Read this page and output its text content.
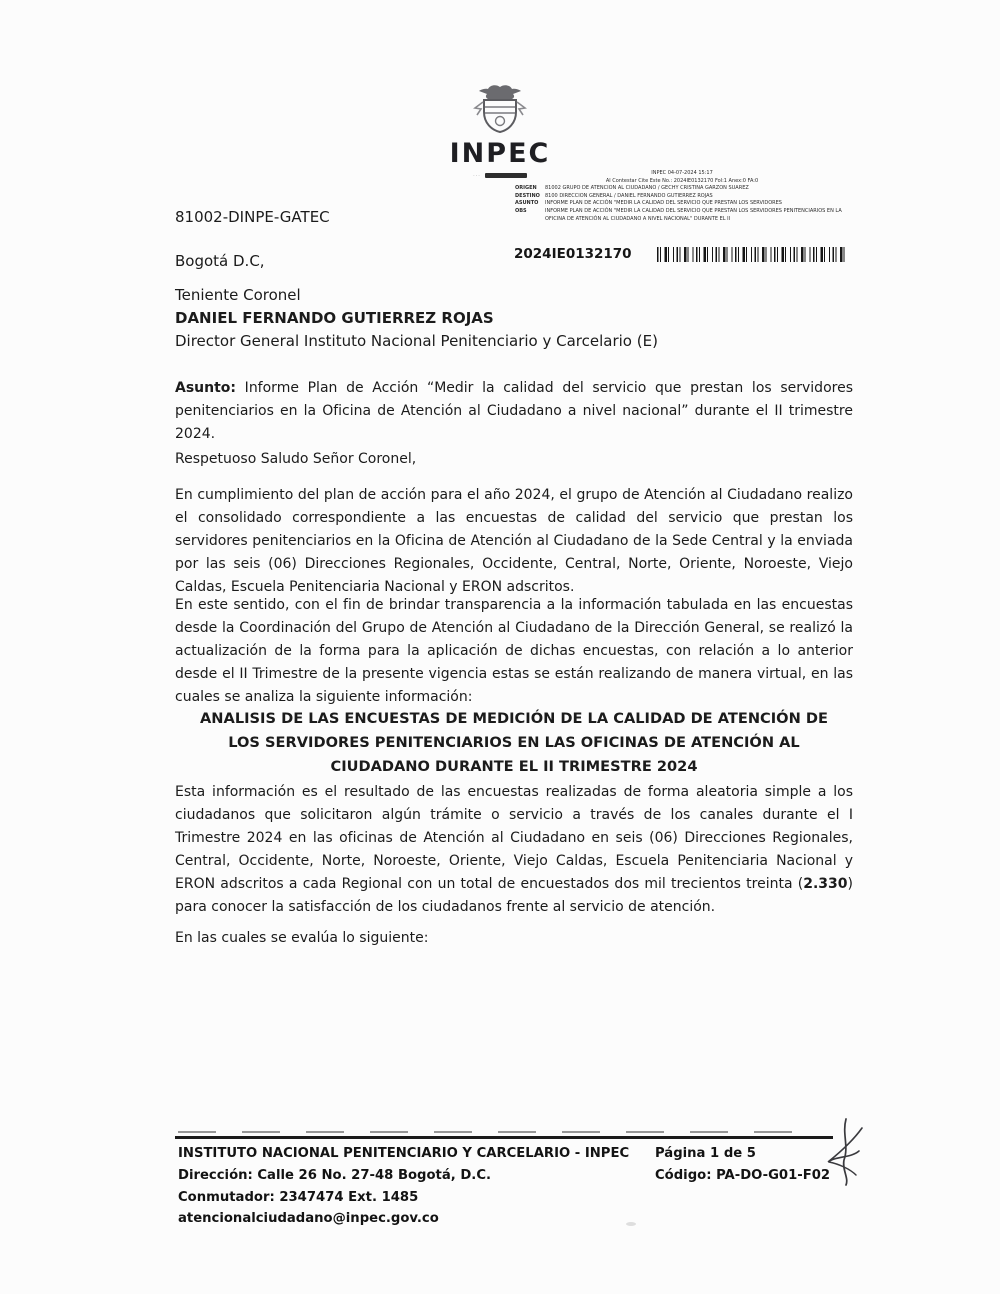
INPEC
···
81002-DINPE-GATEC
Bogotá D.C,
INPEC 04-07-2024 15:17
Al Contestar Cite Este No.: 2024IE0132170 Fol:1 Anex:0 FA:0
ORIGEN	81002 GRUPO DE ATENCION AL CIUDADANO / GECHY CRISTINA GARZON SUAREZ
DESTINO	8100 DIRECCION GENERAL / DANIEL FERNANDO GUTIERREZ ROJAS
ASUNTO	INFORME PLAN DE ACCIÓN "MEDIR LA CALIDAD DEL SERVICIO QUE PRESTAN LOS SERVIDORES
OBS	INFORME PLAN DE ACCIÓN "MEDIR LA CALIDAD DEL SERVICIO QUE PRESTAN LOS SERVIDORES PENITENCIARIOS EN LA OFICINA DE ATENCIÓN AL CIUDADANO A NIVEL NACIONAL" DURANTE EL II
2024IE0132170
Teniente Coronel
DANIEL FERNANDO GUTIERREZ ROJAS
Director General Instituto Nacional Penitenciario y Carcelario (E)
Asunto: Informe Plan de Acción “Medir la calidad del servicio que prestan los servidores penitenciarios en la Oficina de Atención al Ciudadano a nivel nacional” durante el II trimestre 2024.
Respetuoso Saludo Señor Coronel,
En cumplimiento del plan de acción para el año 2024, el grupo de Atención al Ciudadano realizo el consolidado correspondiente a las encuestas de calidad del servicio que prestan los servidores penitenciarios en la Oficina de Atención al Ciudadano de la Sede Central y la enviada por las seis (06) Direcciones Regionales, Occidente, Central, Norte, Oriente, Noroeste, Viejo Caldas, Escuela Penitenciaria Nacional y ERON adscritos.
En este sentido, con el fin de brindar transparencia a la información tabulada en las encuestas desde la Coordinación del Grupo de Atención al Ciudadano de la Dirección General, se realizó la actualización de la forma para la aplicación de dichas encuestas, con relación a lo anterior desde el II Trimestre de la presente vigencia estas se están realizando de manera virtual, en las cuales se analiza la siguiente información:
ANALISIS DE LAS ENCUESTAS DE MEDICIÓN DE LA CALIDAD DE ATENCIÓN DE
LOS SERVIDORES PENITENCIARIOS EN LAS OFICINAS DE ATENCIÓN AL
CIUDADANO DURANTE EL II TRIMESTRE 2024
Esta información es el resultado de las encuestas realizadas de forma aleatoria simple a los ciudadanos que solicitaron algún trámite o servicio a través de los canales durante el I Trimestre 2024 en las oficinas de Atención al Ciudadano en seis (06) Direcciones Regionales, Central, Occidente, Norte, Noroeste, Oriente, Viejo Caldas, Escuela Penitenciaria Nacional y ERON adscritos a cada Regional con un total de encuestados dos mil trecientos treinta (2.330) para conocer la satisfacción de los ciudadanos frente al servicio de atención.
En las cuales se evalúa lo siguiente:
INSTITUTO NACIONAL PENITENCIARIO Y CARCELARIO - INPEC
Dirección: Calle 26 No. 27-48 Bogotá, D.C.
Conmutador: 2347474 Ext. 1485
atencionalciudadano@inpec.gov.co
Página 1 de 5
Código: PA-DO-G01-F02
